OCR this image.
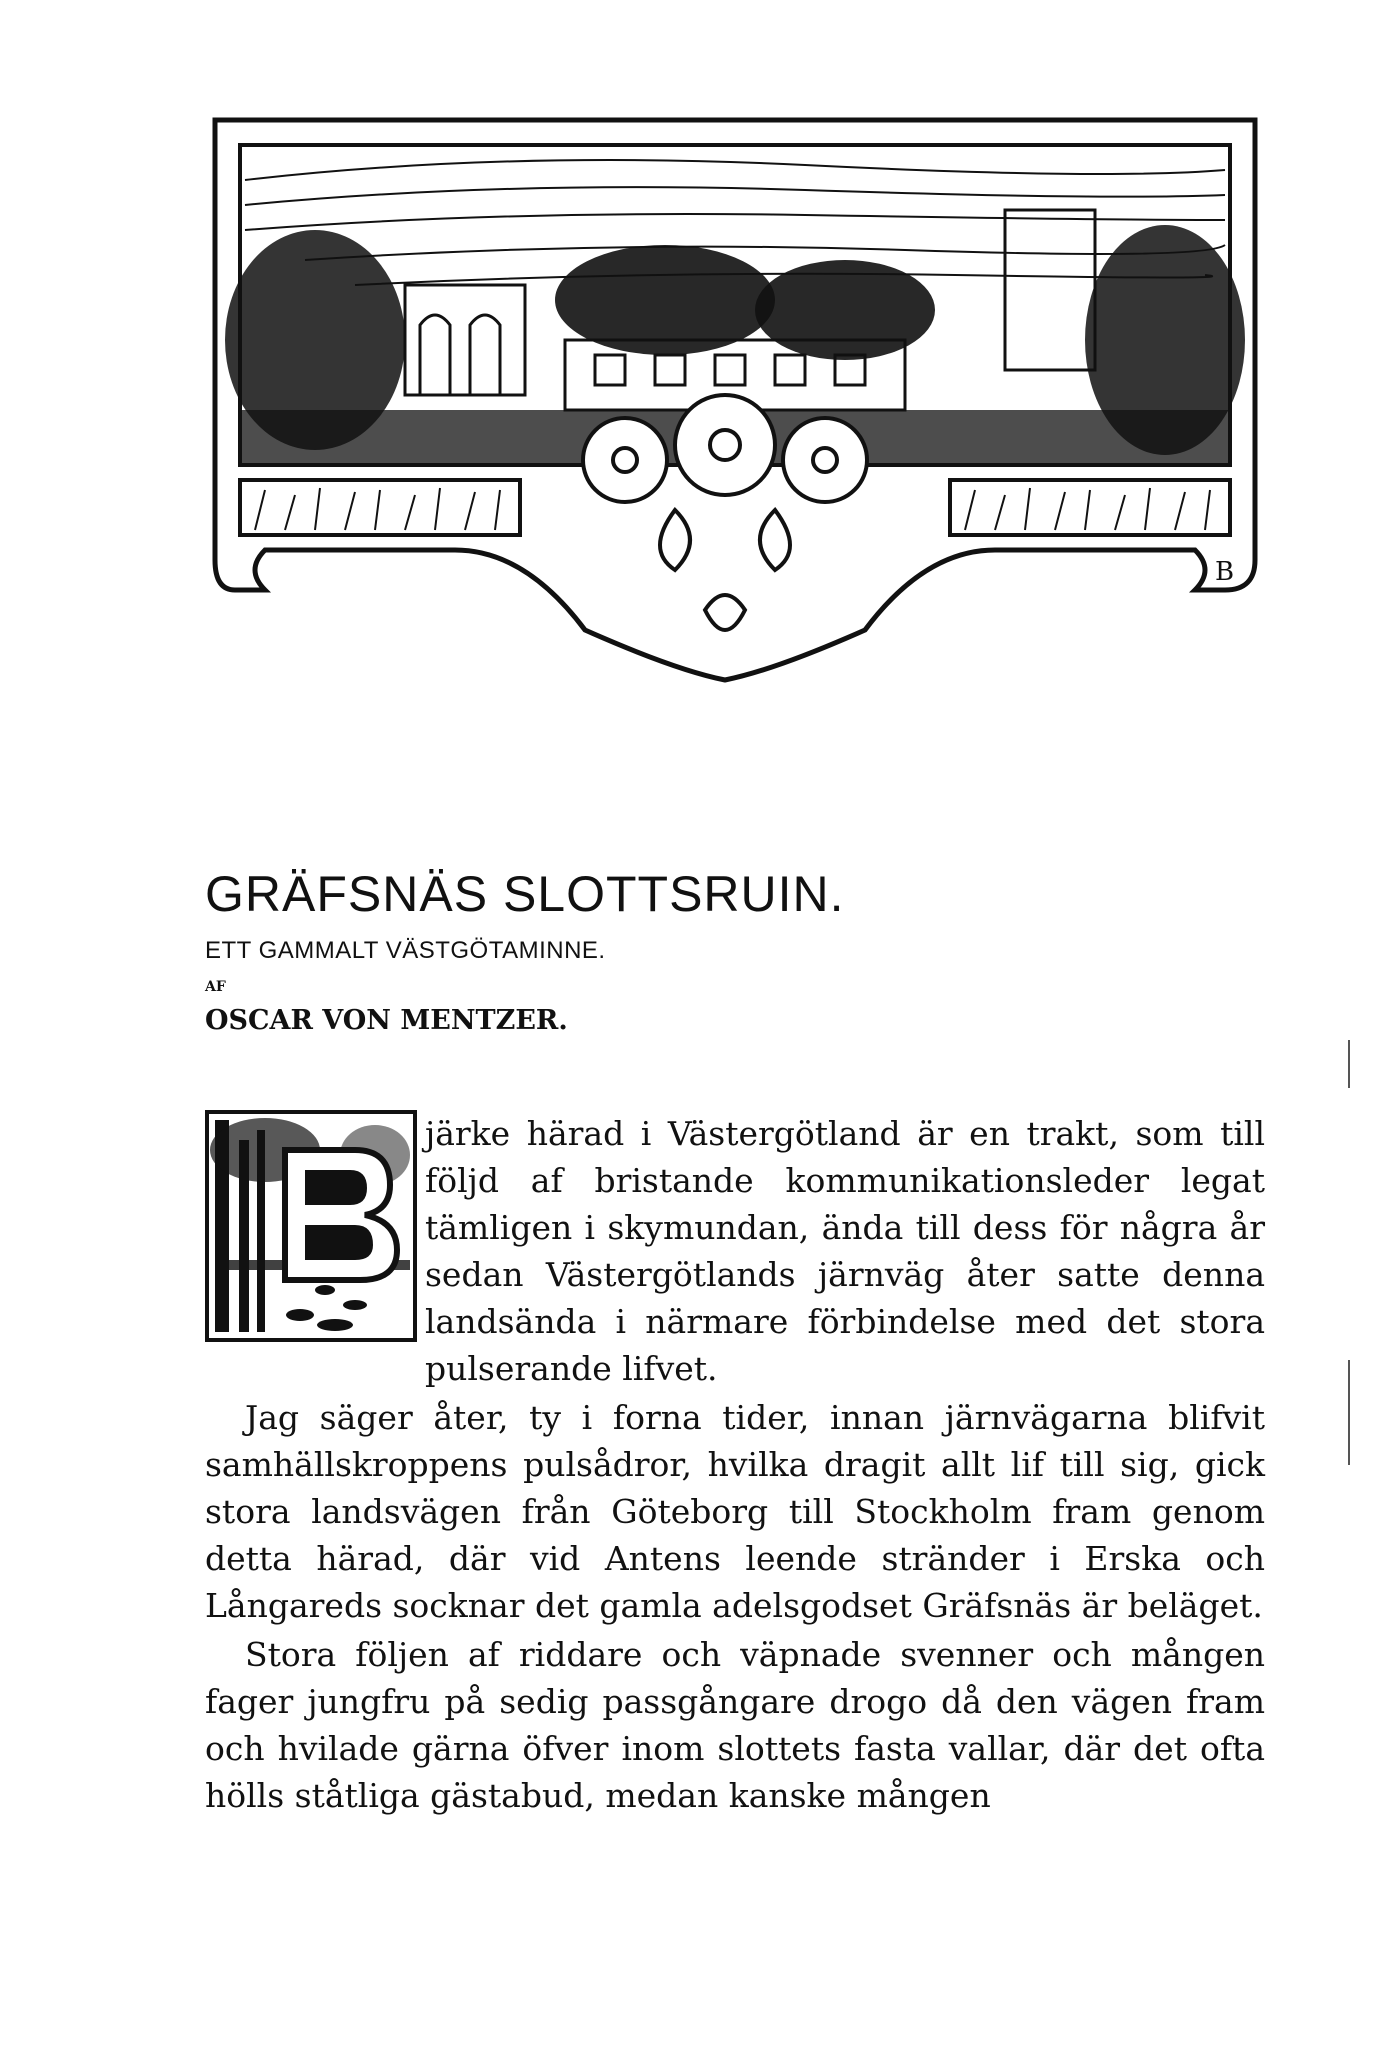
B
GRÄFSNÄS SLOTTSRUIN.
ETT GAMMALT VÄSTGÖTAMINNE.
AF
OSCAR VON MENTZER.

järke härad i Västergötland är en trakt, som till följd af bristande kommunikationsleder legat tämligen i skymundan, ända till dess för några år sedan Västergötlands järnväg åter satte denna landsända i närmare förbindelse med det stora pulserande lifvet.

Jag säger åter, ty i forna tider, innan järnvägarna blifvit samhällskroppens pulsådror, hvilka dragit allt lif till sig, gick stora landsvägen från Göteborg till Stockholm fram genom detta härad, där vid Antens leende stränder i Erska och Långareds socknar det gamla adelsgodset Gräfsnäs är beläget.

Stora följen af riddare och väpnade svenner och mången fager jungfru på sedig passgångare drogo då den vägen fram och hvilade gärna öfver inom slottets fasta vallar, där det ofta hölls ståtliga gästabud, medan kanske mången
